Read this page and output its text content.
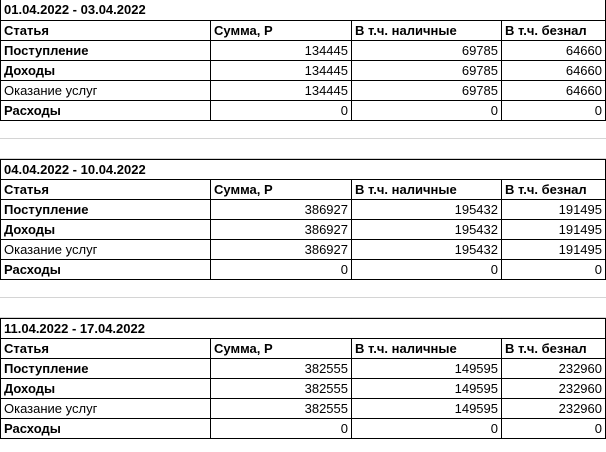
01.04.2022 - 03.04.2022
Статья	Сумма, Р	В т.ч. наличные	В т.ч. безнал
Поступление	134445	69785	64660
Доходы	134445	69785	64660
Оказание услуг	134445	69785	64660
Расходы	0	0	0
04.04.2022 - 10.04.2022
Статья	Сумма, Р	В т.ч. наличные	В т.ч. безнал
Поступление	386927	195432	191495
Доходы	386927	195432	191495
Оказание услуг	386927	195432	191495
Расходы	0	0	0
11.04.2022 - 17.04.2022
Статья	Сумма, Р	В т.ч. наличные	В т.ч. безнал
Поступление	382555	149595	232960
Доходы	382555	149595	232960
Оказание услуг	382555	149595	232960
Расходы	0	0	0
